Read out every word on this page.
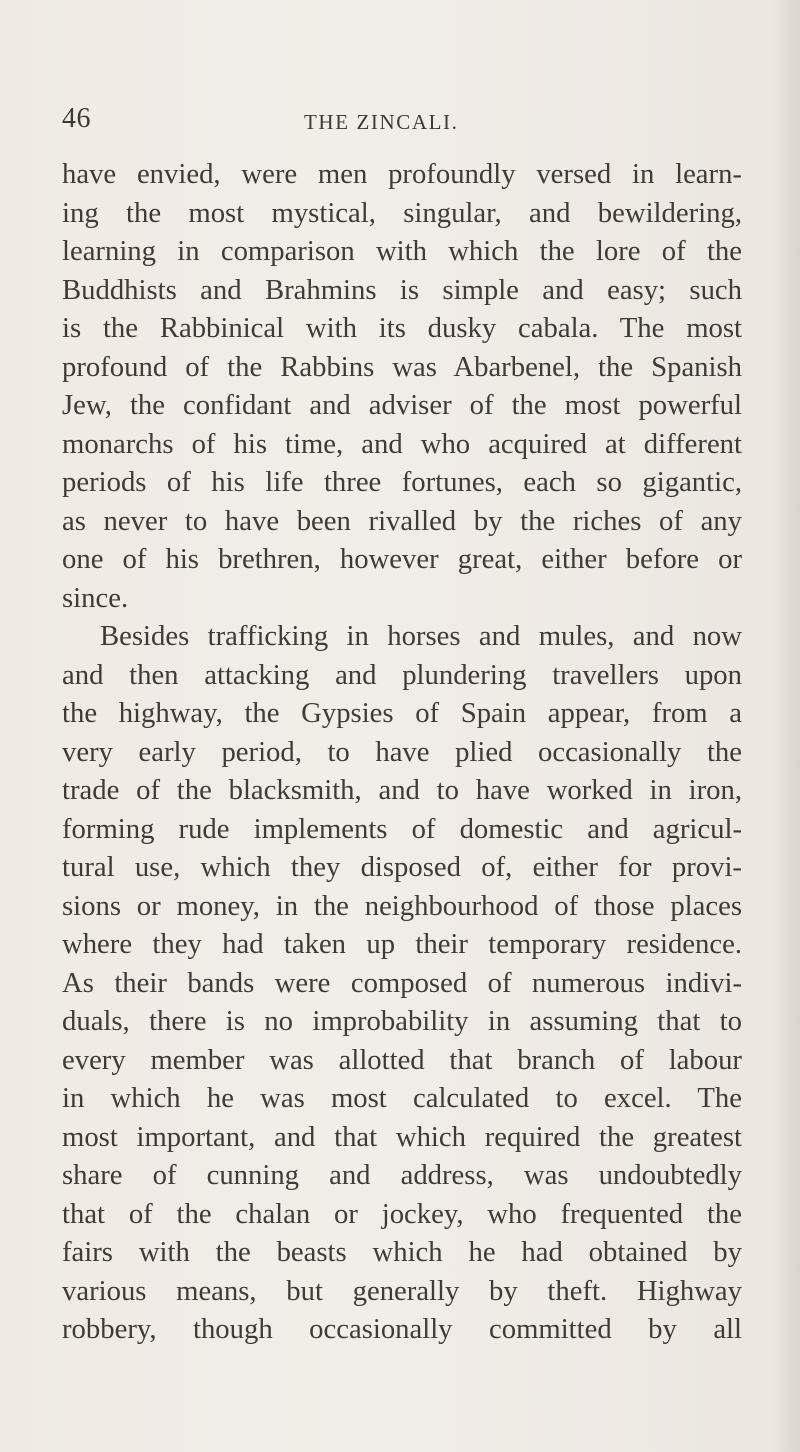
46	THE ZINCALI.
have envied, were men profoundly versed in learn-
ing the most mystical, singular, and bewildering,
learning in comparison with which the lore of the
Buddhists and Brahmins is simple and easy; such
is the Rabbinical with its dusky cabala. The most
profound of the Rabbins was Abarbenel, the Spanish
Jew, the confidant and adviser of the most powerful
monarchs of his time, and who acquired at different
periods of his life three fortunes, each so gigantic,
as never to have been rivalled by the riches of any
one of his brethren, however great, either before or
since.
Besides trafficking in horses and mules, and now
and then attacking and plundering travellers upon
the highway, the Gypsies of Spain appear, from a
very early period, to have plied occasionally the
trade of the blacksmith, and to have worked in iron,
forming rude implements of domestic and agricul-
tural use, which they disposed of, either for provi-
sions or money, in the neighbourhood of those places
where they had taken up their temporary residence.
As their bands were composed of numerous indivi-
duals, there is no improbability in assuming that to
every member was allotted that branch of labour
in which he was most calculated to excel. The
most important, and that which required the greatest
share of cunning and address, was undoubtedly
that of the chalan or jockey, who frequented the
fairs with the beasts which he had obtained by
various means, but generally by theft. Highway
robbery, though occasionally committed by all
